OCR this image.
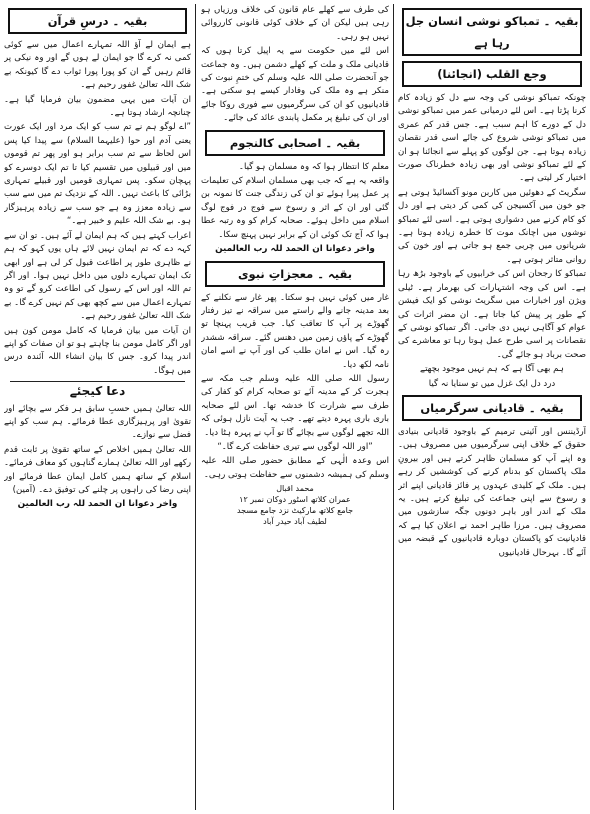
بقیہ ۔ تمباکو نوشی انسان جل رہا ہے
وجع القلب (انجائنا)

چونکہ تمباکو نوشی کی وجہ سے دل کو زیادہ کام کرنا پڑتا ہے۔ اس لئے درمیانی عمر میں تمباکو نوشی دل کے دورے کا اہم سبب ہے۔ جس قدر کم عمری میں تمباکو نوشی شروع کی جائے اسی قدر نقصان زیادہ ہوتا ہے۔ جن لوگوں کو پہلے سے انجائنا ہو ان کے لئے تمباکو نوشی اور بھی زیادہ خطرناک صورت اختیار کر لیتی ہے۔

سگریٹ کے دھوئیں میں کاربن مونو آکسائیڈ ہوتی ہے جو خون میں آکسیجن کی کمی کر دیتی ہے اور دل کو کام کرنے میں دشواری ہوتی ہے۔ اسی لئے تمباکو نوشوں میں اچانک موت کا خطرہ زیادہ ہوتا ہے۔ شریانوں میں چربی جمع ہو جاتی ہے اور خون کی روانی متاثر ہوتی ہے۔

تمباکو کا رجحان اس کی خرابیوں کے باوجود بڑھ رہا ہے۔ اس کی وجہ اشتہارات کی بھرمار ہے۔ ٹیلی ویژن اور اخبارات میں سگریٹ نوشی کو ایک فیشن کے طور پر پیش کیا جاتا ہے۔ ان مضر اثرات کی عوام کو آگاہی نہیں دی جاتی۔ اگر تمباکو نوشی کے نقصانات پر اسی طرح عمل ہوتا رہا تو معاشرے کی صحت برباد ہو جائے گی۔

ہم بھی آگا ہے کہ ہم نہیں موجود بچھتے

درد دل ایک غزل میں تو سنایا نہ گیا

بقیہ ۔ قادیانی سرگرمیاں

آرڈیننس اور آئینی ترمیم کے باوجود قادیانی بنیادی حقوق کے خلاف اپنی سرگرمیوں میں مصروف ہیں۔ وہ اپنے آپ کو مسلمان ظاہر کرتے ہیں اور بیرونِ ملک پاکستان کو بدنام کرنے کی کوششیں کر رہے ہیں۔ ملک کے کلیدی عہدوں پر فائز قادیانی اپنے اثر و رسوخ سے اپنی جماعت کی تبلیغ کرتے ہیں۔ یہ ملک کے اندر اور باہر دونوں جگہ سازشوں میں مصروف ہیں۔ مرزا طاہر احمد نے اعلان کیا ہے کہ قادیانیت کو پاکستان دوبارہ قادیانیوں کے قبضہ میں آئے گا۔ بہرحال قادیانیوں

کی طرف سے کھلے عام قانون کی خلاف ورزیاں ہو رہی ہیں لیکن ان کے خلاف کوئی قانونی کارروائی نہیں ہو رہی۔

اس لئے میں حکومت سے یہ اپیل کرتا ہوں کہ قادیانی ملک و ملت کے کھلے دشمن ہیں۔ وہ جماعت جو آنحضرت صلی اللہ علیہ وسلم کی ختمِ نبوت کی منکر ہے وہ ملک کی وفادار کیسے ہو سکتی ہے۔ قادیانیوں کو ان کی سرگرمیوں سے فوری روکا جائے اور ان کی تبلیغ پر مکمل پابندی عائد کی جائے۔

بقیہ ۔ اصحابی کالنجوم

معلم کا انتظار ہوا کہ وہ مسلمان ہو گیا۔

واقعہ یہ ہے کہ جب بھی مسلمان اسلام کی تعلیمات پر عمل پیرا ہوئے تو ان کی زندگی جنت کا نمونہ بن گئی اور ان کے اثر و رسوخ سے فوج در فوج لوگ اسلام میں داخل ہوئے۔ صحابہ کرام کو وہ رتبہ عطا ہوا کہ آج تک کوئی ان کے برابر نہیں پہنچ سکا۔

واخر دعوانا ان الحمد للہ رب العالمین

بقیہ ۔ معجزاتِ نبوی

غار میں کوئی نہیں ہو سکتا۔ پھر غار سے نکلنے کے بعد مدینہ جانے والے راستے میں سراقہ نے تیز رفتار گھوڑے پر آپ کا تعاقب کیا۔ جب قریب پہنچا تو گھوڑے کے پاؤں زمین میں دھنس گئے۔ سراقہ ششدر رہ گیا۔ اس نے امان طلب کی اور آپ نے اسے امان نامہ لکھ دیا۔

رسول اللہ صلی اللہ علیہ وسلم جب مکہ سے ہجرت کر کے مدینہ آئے تو صحابہ کرام کو کفار کی طرف سے شرارت کا خدشہ تھا۔ اس لئے صحابہ باری باری پہرہ دیتے تھے۔ جب یہ آیت نازل ہوئی کہ اللہ تجھے لوگوں سے بچائے گا تو آپ نے پہرہ ہٹا دیا۔

”اور اللہ لوگوں سے تیری حفاظت کرے گا۔“

اس وعدہ الٰہی کے مطابق حضور صلی اللہ علیہ وسلم کی ہمیشہ دشمنوں سے حفاظت ہوتی رہی۔

محمد اقبال
عمران کلاتھ اسٹور دوکان نمبر ۱۲
جامع کلاتھ مارکیٹ نزد جامع مسجد
لطیف آباد حیدر آباد
بقیہ ۔ درسِ قرآن

ہے ایمان لے آؤ اللہ تمہارے اعمال میں سے کوئی کمی نہ کرے گا جو ایمان لے ہوں گے اور وہ نیکی پر قائم رہیں گے ان کو پورا پورا ثواب دے گا کیونکہ بے شک اللہ تعالیٰ غفور رحیم ہے۔

ان آیات میں یہی مضمون بیان فرمایا گیا ہے۔ چنانچہ ارشاد ہوتا ہے۔

”اے لوگو ہم نے تم سب کو ایک مرد اور ایک عورت یعنی آدم اور حوا (علیہما السلام) سے پیدا کیا پس اس لحاظ سے تم سب برابر ہو اور پھر تم قوموں میں اور قبیلوں میں تقسیم کیا تا تم ایک دوسرے کو پہچان سکو۔ پس تمہاری قومیں اور قبیلے تمہاری بڑائی کا باعث نہیں۔ اللہ کے نزدیک تم میں سے سب سے زیادہ معزز وہ ہے جو سب سے زیادہ پرہیزگار ہو۔ بے شک اللہ علیم و خبیر ہے۔“

اعراب کہتے ہیں کہ ہم ایمان لے آئے ہیں۔ تو ان سے کہہ دے کہ تم ایمان نہیں لائے ہاں یوں کہو کہ ہم نے ظاہری طور پر اطاعت قبول کر لی ہے اور ابھی تک ایمان تمہارے دلوں میں داخل نہیں ہوا۔ اور اگر تم اللہ اور اس کے رسول کی اطاعت کرو گے تو وہ تمہارے اعمال میں سے کچھ بھی کم نہیں کرے گا۔ بے شک اللہ تعالیٰ غفور رحیم ہے۔

ان آیات میں بیان فرمایا کہ کامل مومن کون ہیں اور اگر کامل مومن بنا چاہتے ہو تو ان صفات کو اپنے اندر پیدا کرو۔ جس کا بیان انشاء اللہ آئندہ درس میں ہوگا۔

دعا کیجئے

اللہ تعالیٰ ہمیں حسبِ سابق ہر فکر سے بچائے اور تقویٰ اور پرہیزگاری عطا فرمائے۔ ہم سب کو اپنے فضل سے نوازے۔

اللہ تعالیٰ ہمیں اخلاص کے ساتھ تقویٰ پر ثابت قدم رکھے اور اللہ تعالیٰ ہمارے گناہوں کو معاف فرمائے۔ اسلام کے ساتھ ہمیں کامل ایمان عطا فرمائے اور اپنی رضا کی راہوں پر چلنے کی توفیق دے۔ (آمین)

واخر دعوانا ان الحمد للہ رب العالمین
